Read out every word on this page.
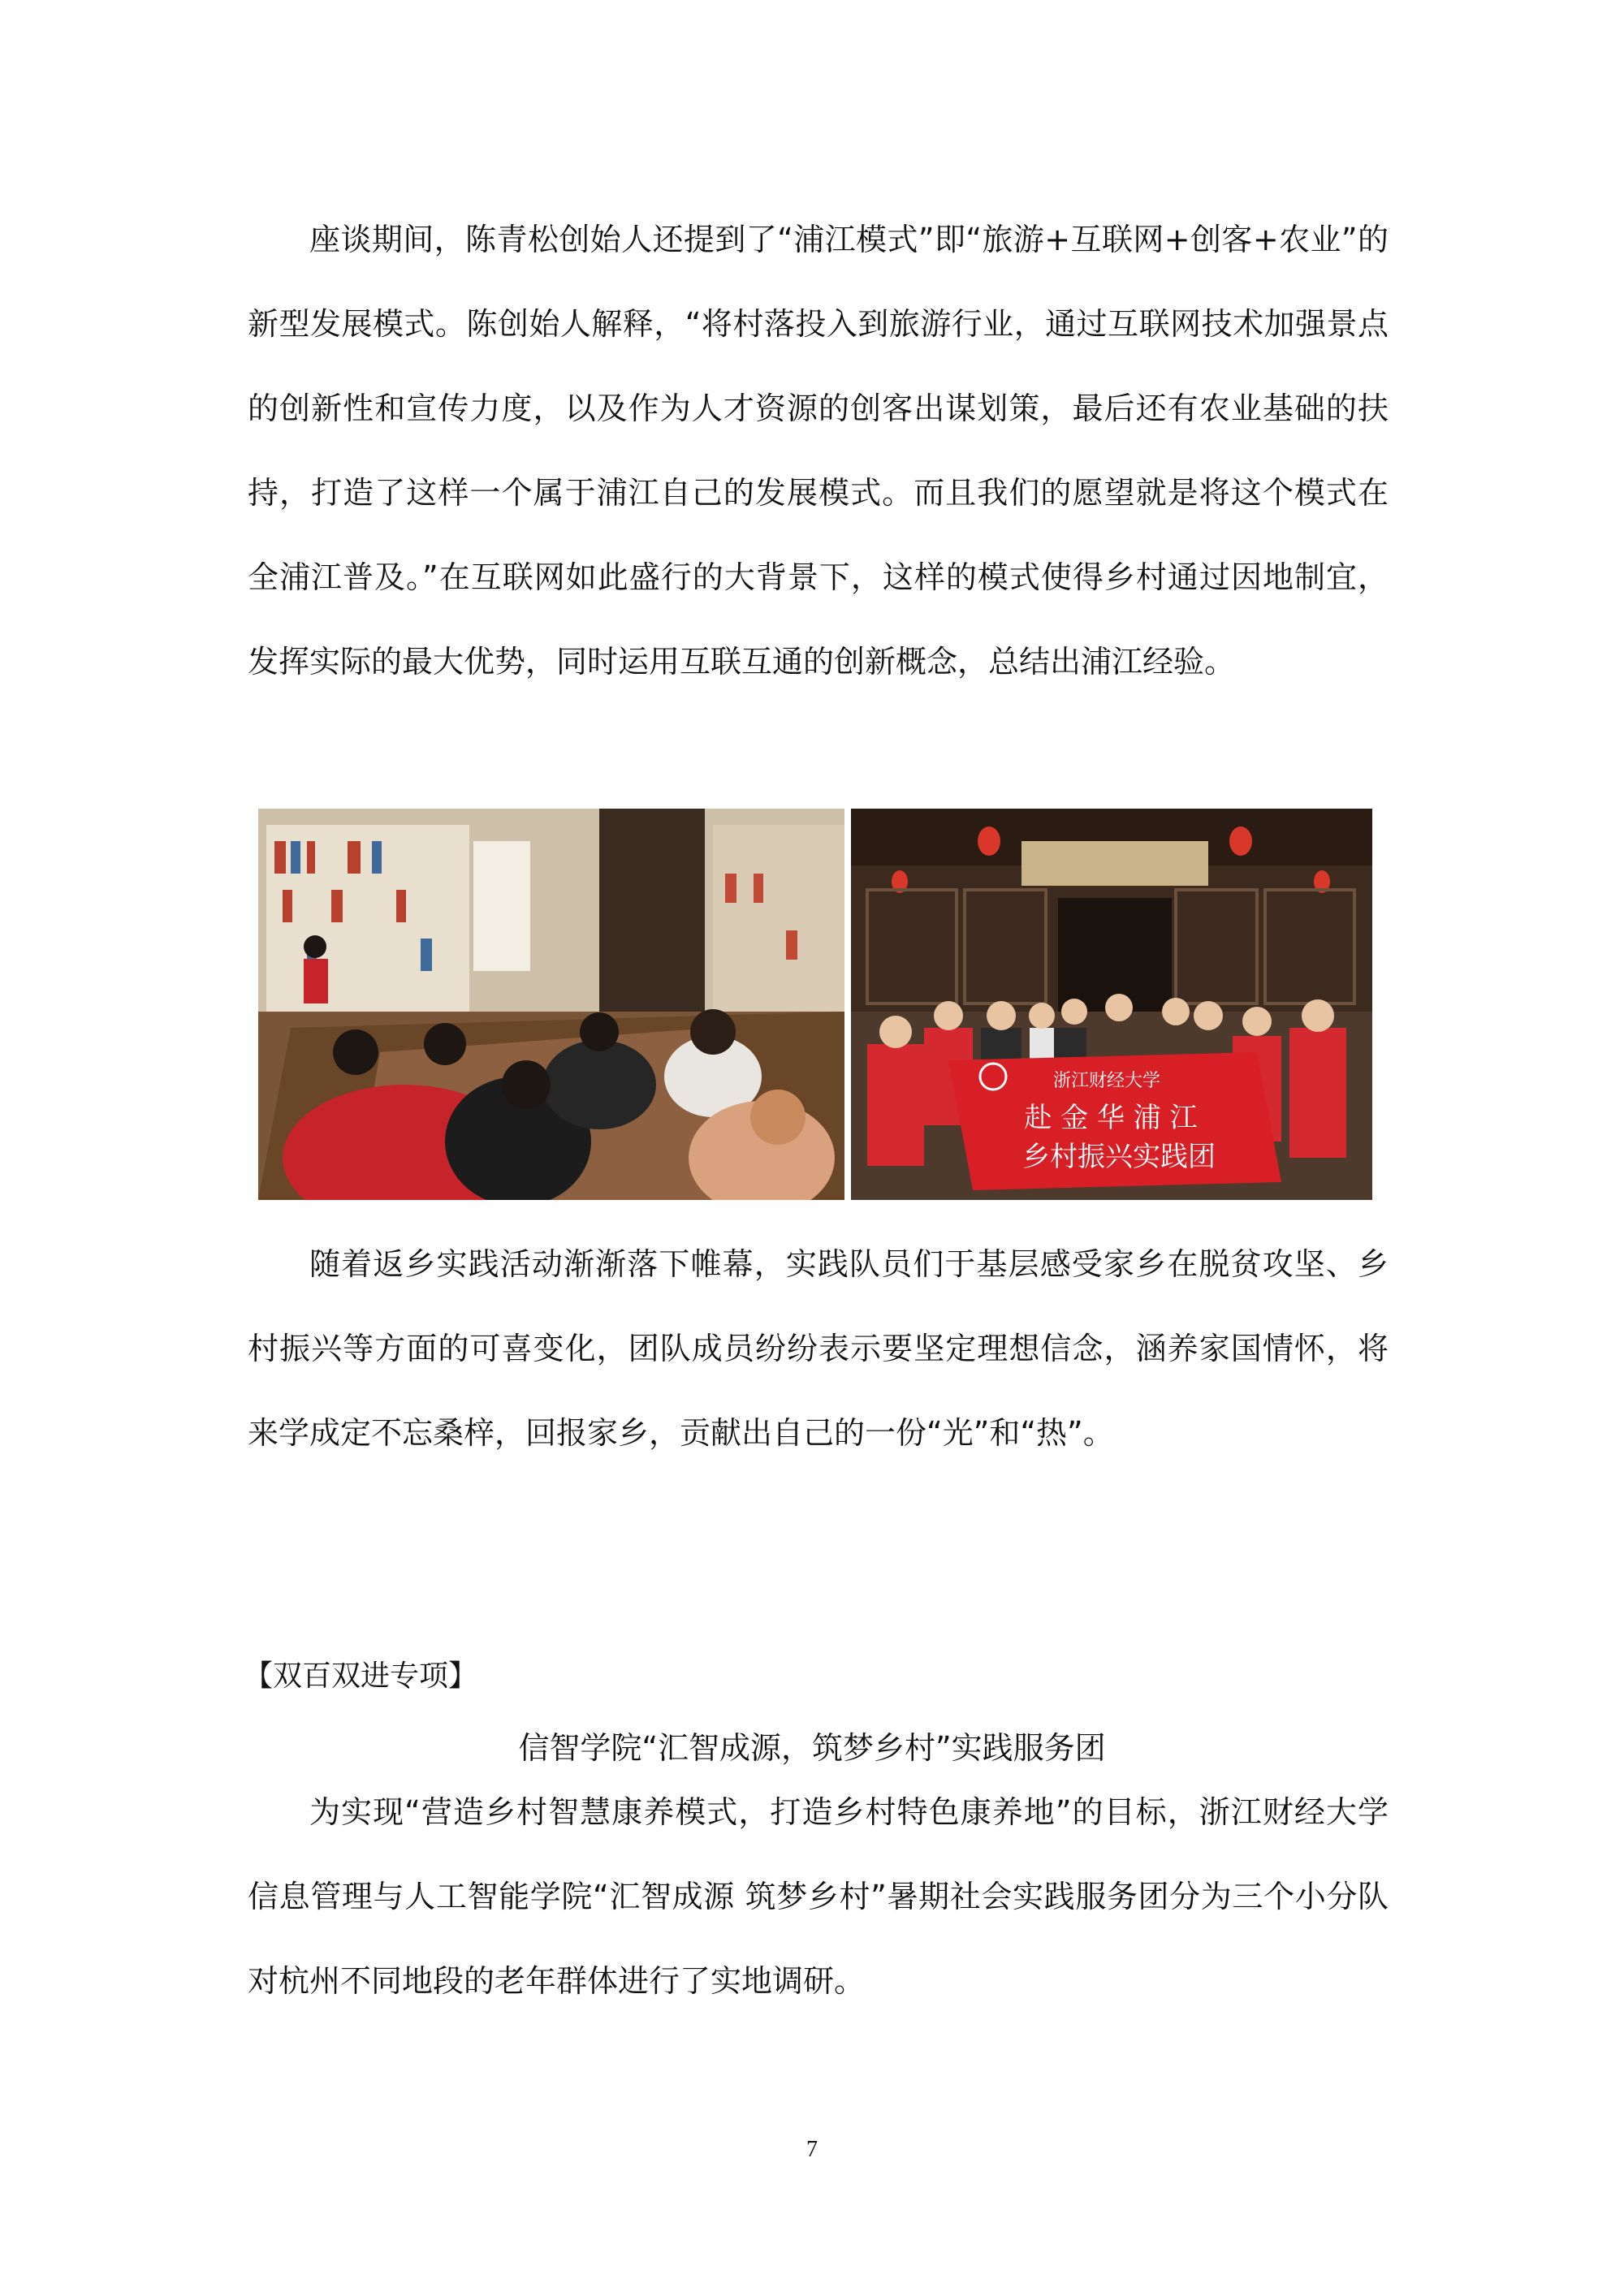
座谈期间，陈青松创始人还提到了“浦江模式”即“旅游+互联网+创客+农业”的新型发展模式。陈创始人解释，“将村落投入到旅游行业，通过互联网技术加强景点的创新性和宣传力度，以及作为人才资源的创客出谋划策，最后还有农业基础的扶持，打造了这样一个属于浦江自己的发展模式。而且我们的愿望就是将这个模式在全浦江普及。”在互联网如此盛行的大背景下，这样的模式使得乡村通过因地制宜，发挥实际的最大优势，同时运用互联互通的创新概念，总结出浦江经验。

浙江财经大学
赴 金 华 浦 江
乡村振兴实践团

随着返乡实践活动渐渐落下帷幕，实践队员们于基层感受家乡在脱贫攻坚、乡村振兴等方面的可喜变化，团队成员纷纷表示要坚定理想信念，涵养家国情怀，将来学成定不忘桑梓，回报家乡，贡献出自己的一份“光”和“热”。

【双百双进专项】
信智学院“汇智成源，筑梦乡村”实践服务团

为实现“营造乡村智慧康养模式，打造乡村特色康养地”的目标，浙江财经大学信息管理与人工智能学院“汇智成源 筑梦乡村”暑期社会实践服务团分为三个小分队对杭州不同地段的老年群体进行了实地调研。

7
